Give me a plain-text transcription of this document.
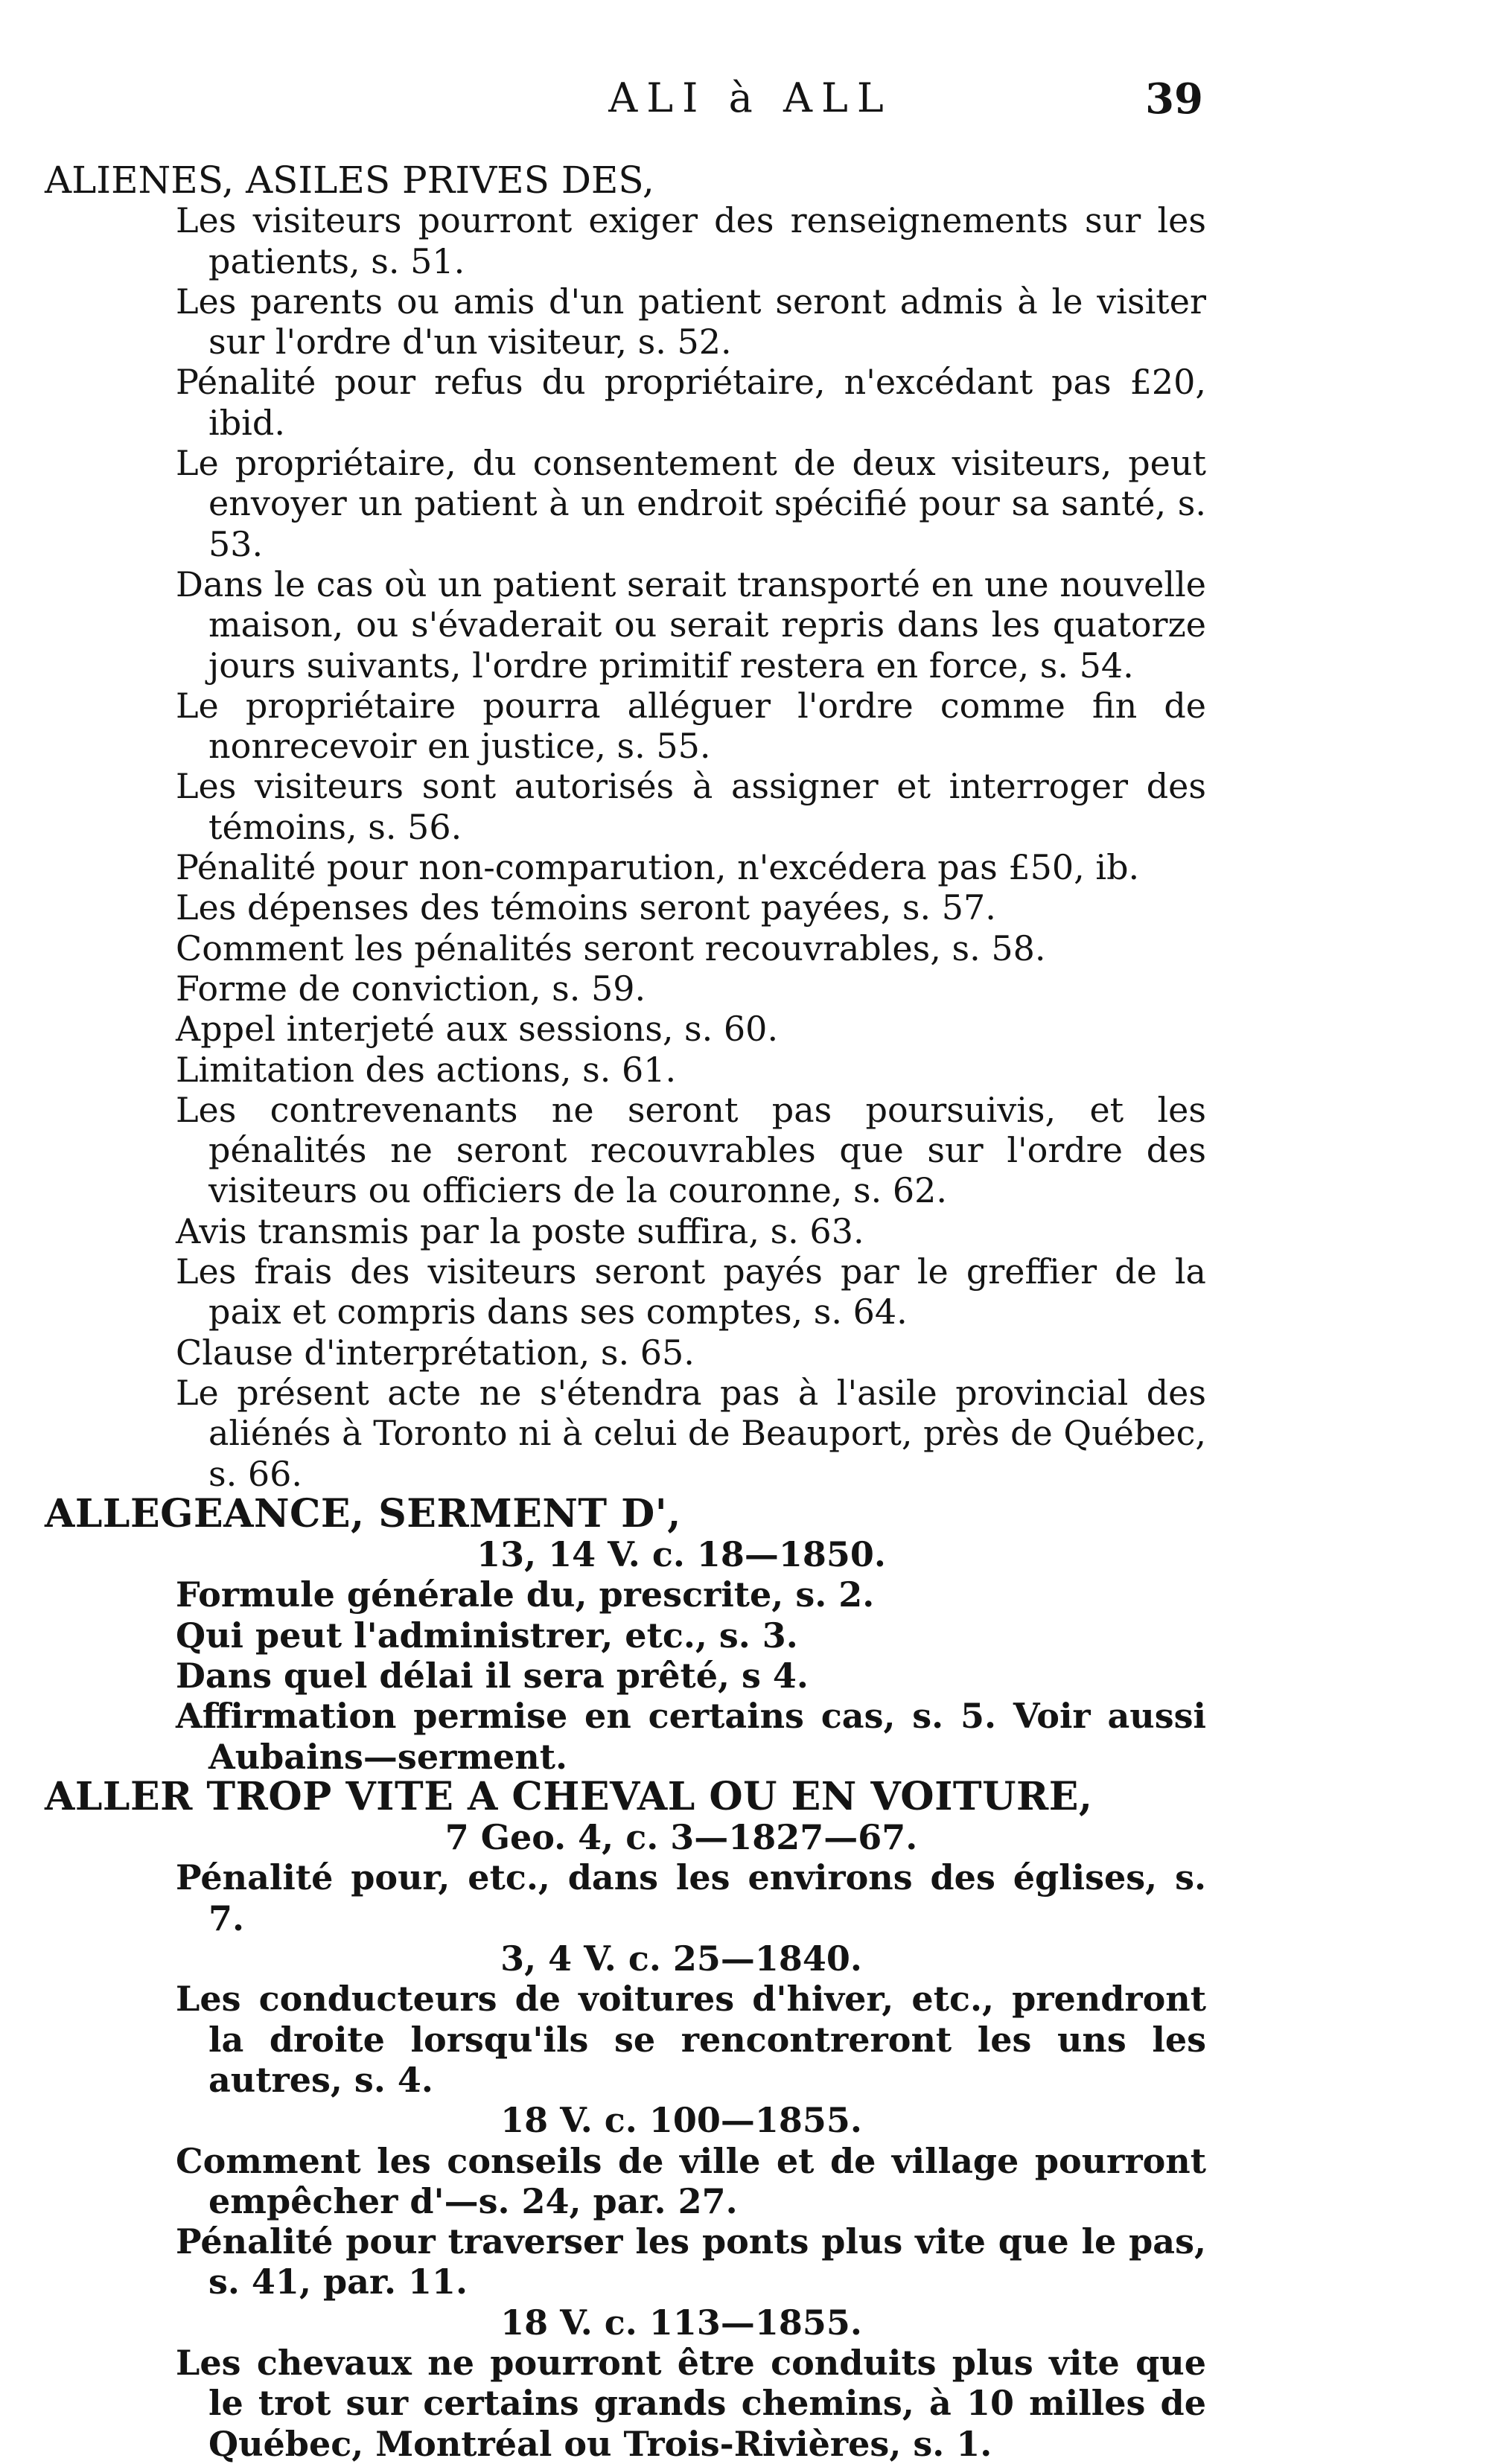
ALI à ALL	39

ALIENES, ASILES PRIVES DES,

Les visiteurs pourront exiger des renseignements sur les patients, s. 51.

Les parents ou amis d'un patient seront admis à le visiter sur l'ordre d'un visiteur, s. 52.

Pénalité pour refus du propriétaire, n'excédant pas £20, ibid.

Le propriétaire, du consentement de deux visiteurs, peut envoyer un patient à un endroit spécifié pour sa santé, s. 53.

Dans le cas où un patient serait transporté en une nouvelle maison, ou s'évaderait ou serait repris dans les quatorze jours suivants, l'ordre primitif restera en force, s. 54.

Le propriétaire pourra alléguer l'ordre comme fin de nonrecevoir en justice, s. 55.

Les visiteurs sont autorisés à assigner et interroger des témoins, s. 56.

Pénalité pour non-comparution, n'excédera pas £50, ib.

Les dépenses des témoins seront payées, s. 57.

Comment les pénalités seront recouvrables, s. 58.

Forme de conviction, s. 59.

Appel interjeté aux sessions, s. 60.

Limitation des actions, s. 61.

Les contrevenants ne seront pas poursuivis, et les pénalités ne seront recouvrables que sur l'ordre des visiteurs ou officiers de la couronne, s. 62.

Avis transmis par la poste suffira, s. 63.

Les frais des visiteurs seront payés par le greffier de la paix et compris dans ses comptes, s. 64.

Clause d'interprétation, s. 65.

Le présent acte ne s'étendra pas à l'asile provincial des aliénés à Toronto ni à celui de Beauport, près de Québec, s. 66.

ALLEGEANCE, SERMENT D',

13, 14 V. c. 18—1850.

Formule générale du, prescrite, s. 2.

Qui peut l'administrer, etc., s. 3.

Dans quel délai il sera prêté, s 4.

Affirmation permise en certains cas, s. 5. Voir aussi Aubains—serment.

ALLER TROP VITE A CHEVAL OU EN VOITURE,

7 Geo. 4, c. 3—1827—67.

Pénalité pour, etc., dans les environs des églises, s. 7.

3, 4 V. c. 25—1840.

Les conducteurs de voitures d'hiver, etc., prendront la droite lorsqu'ils se rencontreront les uns les autres, s. 4.

18 V. c. 100—1855.

Comment les conseils de ville et de village pourront empêcher d'—s. 24, par. 27.

Pénalité pour traverser les ponts plus vite que le pas, s. 41, par. 11.

18 V. c. 113—1855.

Les chevaux ne pourront être conduits plus vite que le trot sur certains grands chemins, à 10 milles de Québec, Montréal ou Trois-Rivières, s. 1.
